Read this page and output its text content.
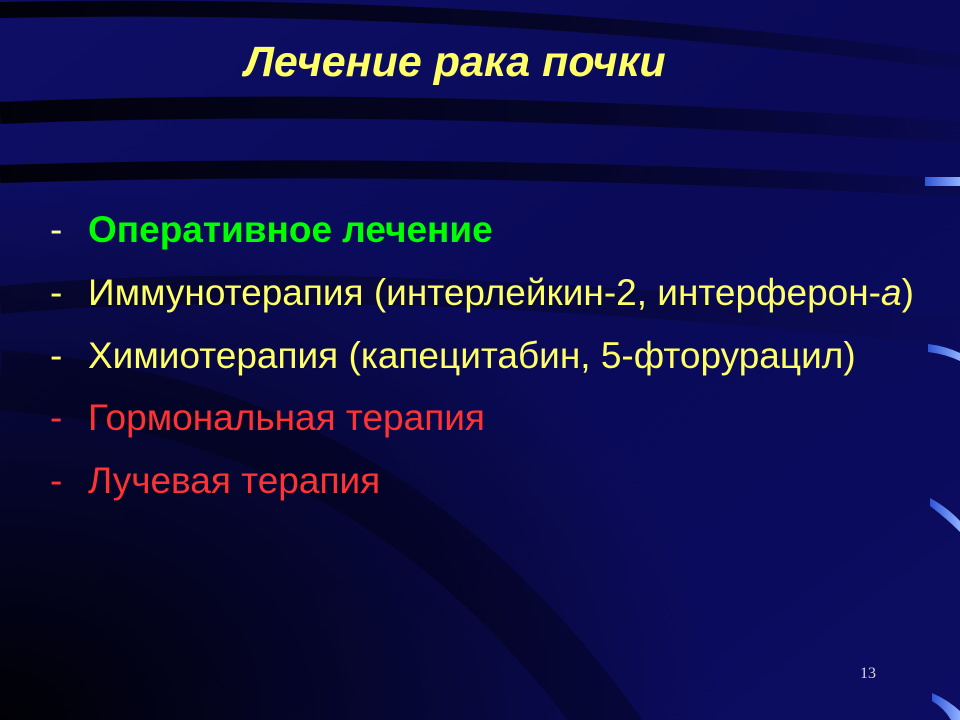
Лечение рака почки
- Оперативное лечение
- Иммунотерапия (интерлейкин-2, интерферон-a)
- Химиотерапия (капецитабин, 5-фторурацил)
- Гормональная терапия
- Лучевая терапия
13
